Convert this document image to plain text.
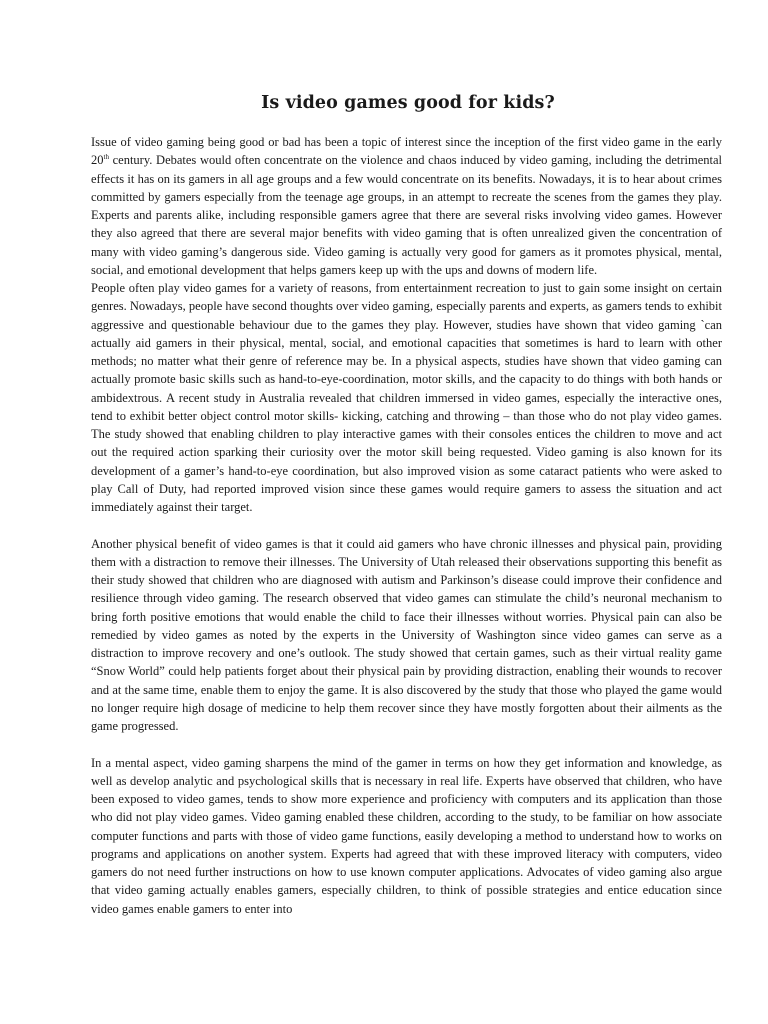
Is video games good for kids?

Issue of video gaming being good or bad has been a topic of interest since the inception of the first video game in the early 20th century. Debates would often concentrate on the violence and chaos induced by video gaming, including the detrimental effects it has on its gamers in all age groups and a few would concentrate on its benefits. Nowadays, it is to hear about crimes committed by gamers especially from the teenage age groups, in an attempt to recreate the scenes from the games they play. Experts and parents alike, including responsible gamers agree that there are several risks involving video games. However they also agreed that there are several major benefits with video gaming that is often unrealized given the concentration of many with video gaming’s dangerous side. Video gaming is actually very good for gamers as it promotes physical, mental, social, and emotional development that helps gamers keep up with the ups and downs of modern life.

People often play video games for a variety of reasons, from entertainment recreation to just to gain some insight on certain genres. Nowadays, people have second thoughts over video gaming, especially parents and experts, as gamers tends to exhibit aggressive and questionable behaviour due to the games they play. However, studies have shown that video gaming `can actually aid gamers in their physical, mental, social, and emotional capacities that sometimes is hard to learn with other methods; no matter what their genre of reference may be. In a physical aspects, studies have shown that video gaming can actually promote basic skills such as hand-to-eye-coordination, motor skills, and the capacity to do things with both hands or ambidextrous. A recent study in Australia revealed that children immersed in video games, especially the interactive ones, tend to exhibit better object control motor skills- kicking, catching and throwing – than those who do not play video games. The study showed that enabling children to play interactive games with their consoles entices the children to move and act out the required action sparking their curiosity over the motor skill being requested. Video gaming is also known for its development of a gamer’s hand-to-eye coordination, but also improved vision as some cataract patients who were asked to play Call of Duty, had reported improved vision since these games would require gamers to assess the situation and act immediately against their target.

Another physical benefit of video games is that it could aid gamers who have chronic illnesses and physical pain, providing them with a distraction to remove their illnesses. The University of Utah released their observations supporting this benefit as their study showed that children who are diagnosed with autism and Parkinson’s disease could improve their confidence and resilience through video gaming. The research observed that video games can stimulate the child’s neuronal mechanism to bring forth positive emotions that would enable the child to face their illnesses without worries. Physical pain can also be remedied by video games as noted by the experts in the University of Washington since video games can serve as a distraction to improve recovery and one’s outlook. The study showed that certain games, such as their virtual reality game “Snow World” could help patients forget about their physical pain by providing distraction, enabling their wounds to recover and at the same time, enable them to enjoy the game. It is also discovered by the study that those who played the game would no longer require high dosage of medicine to help them recover since they have mostly forgotten about their ailments as the game progressed.

In a mental aspect, video gaming sharpens the mind of the gamer in terms on how they get information and knowledge, as well as develop analytic and psychological skills that is necessary in real life. Experts have observed that children, who have been exposed to video games, tends to show more experience and proficiency with computers and its application than those who did not play video games. Video gaming enabled these children, according to the study, to be familiar on how associate computer functions and parts with those of video game functions, easily developing a method to understand how to works on programs and applications on another system. Experts had agreed that with these improved literacy with computers, video gamers do not need further instructions on how to use known computer applications. Advocates of video gaming also argue that video gaming actually enables gamers, especially children, to think of possible strategies and entice education since video games enable gamers to enter into
